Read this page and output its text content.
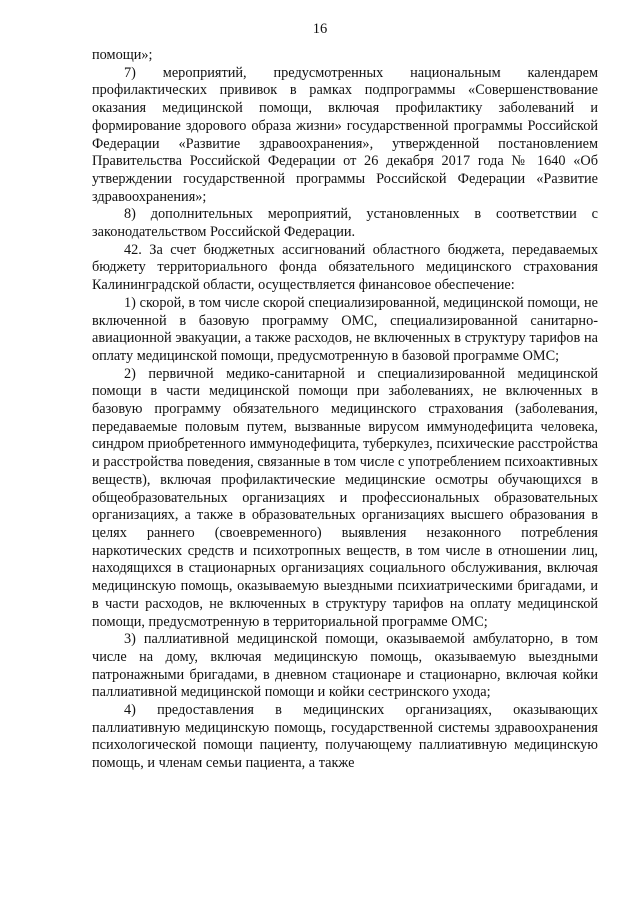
16

помощи»;

7) мероприятий, предусмотренных национальным календарем профилактических прививок в рамках подпрограммы «Совершенствование оказания медицинской помощи, включая профилактику заболеваний и формирование здорового образа жизни» государственной программы Российской Федерации «Развитие здравоохранения», утвержденной постановлением Правительства Российской Федерации от 26 декабря 2017 года № 1640 «Об утверждении государственной программы Российской Федерации «Развитие здравоохранения»;

8) дополнительных мероприятий, установленных в соответствии с законодательством Российской Федерации.

42. За счет бюджетных ассигнований областного бюджета, передаваемых бюджету территориального фонда обязательного медицинского страхования Калининградской области, осуществляется финансовое обеспечение:

1) скорой, в том числе скорой специализированной, медицинской помощи, не включенной в базовую программу ОМС, специализированной санитарно-авиационной эвакуации, а также расходов, не включенных в структуру тарифов на оплату медицинской помощи, предусмотренную в базовой программе ОМС;

2) первичной медико-санитарной и специализированной медицинской помощи в части медицинской помощи при заболеваниях, не включенных в базовую программу обязательного медицинского страхования (заболевания, передаваемые половым путем, вызванные вирусом иммунодефицита человека, синдром приобретенного иммунодефицита, туберкулез, психические расстройства и расстройства поведения, связанные в том числе с употреблением психоактивных веществ), включая профилактические медицинские осмотры обучающихся в общеобразовательных организациях и профессиональных образовательных организациях, а также в образовательных организациях высшего образования в целях раннего (своевременного) выявления незаконного потребления наркотических средств и психотропных веществ, в том числе в отношении лиц, находящихся в стационарных организациях социального обслуживания, включая медицинскую помощь, оказываемую выездными психиатрическими бригадами, и в части расходов, не включенных в структуру тарифов на оплату медицинской помощи, предусмотренную в территориальной программе ОМС;

3) паллиативной медицинской помощи, оказываемой амбулаторно, в том числе на дому, включая медицинскую помощь, оказываемую выездными патронажными бригадами, в дневном стационаре и стационарно, включая койки паллиативной медицинской помощи и койки сестринского ухода;

4) предоставления в медицинских организациях, оказывающих паллиативную медицинскую помощь, государственной системы здравоохранения психологической помощи пациенту, получающему паллиативную медицинскую помощь, и членам семьи пациента, а также
